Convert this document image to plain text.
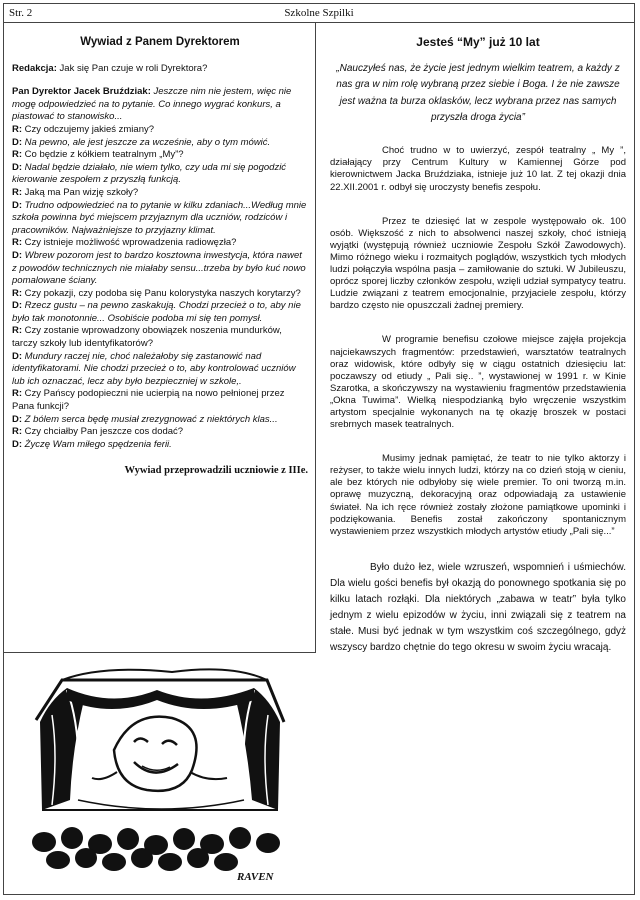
Str. 2	Szkolne Szpilki
Wywiad z Panem Dyrektorem

Redakcja: Jak się Pan czuje w roli Dyrektora?

Pan Dyrektor Jacek Bruździak: Jeszcze nim nie jestem, więc nie mogę odpowiedzieć na to pytanie. Co innego wygrać konkurs, a piastować to stanowisko...

R: Czy odczujemy jakieś zmiany?

D: Na pewno, ale jest jeszcze za wcześnie, aby o tym mówić.

R: Co będzie z kółkiem teatralnym „My”?

D: Nadal będzie działało, nie wiem tylko, czy uda mi się pogodzić kierowanie zespołem z przyszłą funkcją.

R: Jaką ma Pan wizję szkoły?

D: Trudno odpowiedzieć na to pytanie w kilku zdaniach...Według mnie szkoła powinna być miejscem przyjaznym dla uczniów, rodziców i pracowników. Najważniejsze to przyjazny klimat.

R: Czy istnieje możliwość wprowadzenia radiowęzła?

D: Wbrew pozorom jest to bardzo kosztowna inwestycja, która nawet z powodów technicznych nie miałaby sensu...trzeba by było kuć nowo pomalowane ściany.

R: Czy pokazji, czy podoba się Panu kolorystyka naszych korytarzy?

D: Rzecz gustu – na pewno zaskakują. Chodzi przecież o to, aby nie było tak monotonnie... Osobiście podoba mi się ten pomysł.

R: Czy zostanie wprowadzony obowiązek noszenia mundurków, tarczy szkoły lub identyfikatorów?

D: Mundury raczej nie, choć należałoby się zastanowić nad identyfikatorami. Nie chodzi przecież o to, aby kontrolować uczniów lub ich oznaczać, lecz aby było bezpieczniej w szkole,.

R: Czy Pańscy podopieczni nie ucierpią na nowo pełnionej przez Pana funkcji?

D: Z bólem serca będę musiał zrezygnować z niektórych klas...

R: Czy chciałby Pan jeszcze cos dodać?

D: Życzę Wam miłego spędzenia ferii.

Wywiad przeprowadzili uczniowie z IIIe.
Jesteś “My” już 10 lat

„Nauczyłeś nas, że życie jest jednym wielkim teatrem, a każdy z nas gra w nim rolę wybraną przez siebie i Boga. I że nie zawsze jest ważna ta burza oklasków, lecz wybrana przez nas samych przyszła droga życia”

Choć trudno w to uwierzyć, zespół teatralny „ My ”, działający przy Centrum Kultury w Kamiennej Górze pod kierownictwem Jacka Bruździaka, istnieje już 10 lat. Z tej okazji dnia 22.XII.2001 r. odbył się uroczysty benefis zespołu.

Przez te dziesięć lat w zespole występowało ok. 100 osób. Większość z nich to absolwenci naszej szkoły, choć istnieją wyjątki (występują również uczniowie Zespołu Szkół Zawodowych). Mimo różnego wieku i rozmaitych poglądów, wszystkich tych młodych ludzi połączyła wspólna pasja – zamiłowanie do sztuki. W Jubileuszu, oprócz sporej liczby członków zespołu, wzięli udział sympatycy teatru. Ludzie związani z teatrem emocjonalnie, przyjaciele zespołu, którzy bardzo często nie opuszczali żadnej premiery.

W programie benefisu czołowe miejsce zajęła projekcja najciekawszych fragmentów: przedstawień, warsztatów teatralnych oraz widowisk, które odbyły się w ciągu ostatnich dziesięciu lat: poczawszy od etiudy „ Pali się.. ”, wystawionej w 1991 r. w Kinie Szarotka, a skończywszy na wystawieniu fragmentów przedstawienia „Okna Tuwima”. Wielką niespodzianką było wręczenie wszystkim artystom specjalnie wykonanych na tę okazję broszek w postaci srebrnych masek teatralnych.

Musimy jednak pamiętać, że teatr to nie tylko aktorzy i reżyser, to także wielu innych ludzi, którzy na co dzień stoją w cieniu, ale bez których nie odbyłoby się wiele premier. To oni tworzą m.in. oprawę muzyczną, dekoracyjną oraz odpowiadają za ustawienie świateł. Na ich ręce również zostały złożone pamiątkowe upominki i podziękowania. Benefis został zakończony spontanicznym wystawieniem przez wszystkich młodych artystów etiudy „Pali się...”

Było dużo łez, wiele wzruszeń, wspomnień i uśmiechów. Dla wielu gości benefis był okazją do ponownego spotkania się po kilku latach rozłąki. Dla niektórych „zabawa w teatr” była tylko jednym z wielu epizodów w życiu, inni związali się z teatrem na stałe. Musi być jednak w tym wszystkim coś szczególnego, gdyż wszyscy bardzo chętnie do tego okresu w swoim życiu wracają.

RAVEN
